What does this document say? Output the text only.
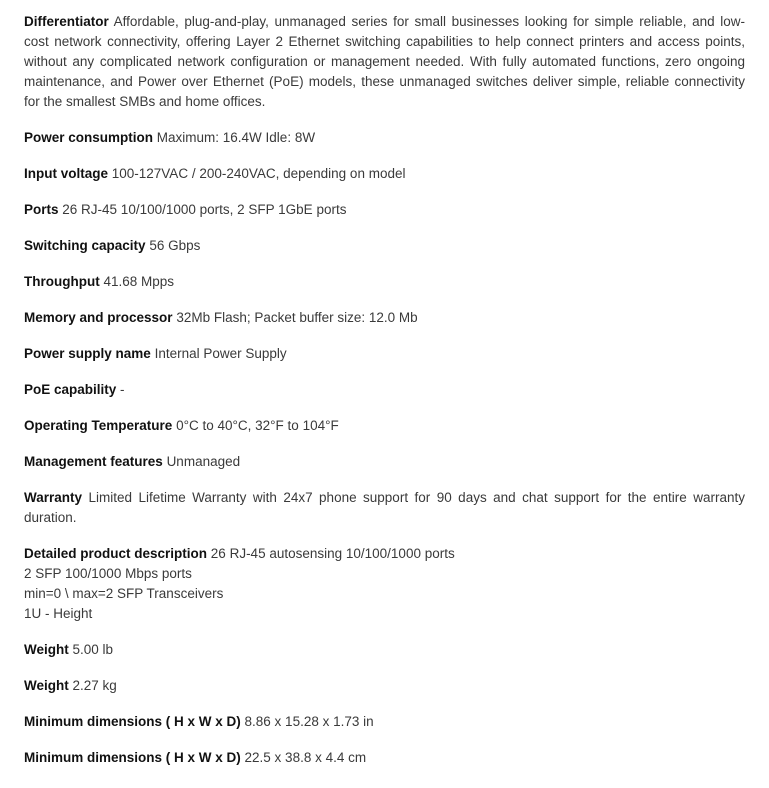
Differentiator Affordable, plug-and-play, unmanaged series for small businesses looking for simple reliable, and low-cost network connectivity, offering Layer 2 Ethernet switching capabilities to help connect printers and access points, without any complicated network configuration or management needed. With fully automated functions, zero ongoing maintenance, and Power over Ethernet (PoE) models, these unmanaged switches deliver simple, reliable connectivity for the smallest SMBs and home offices.
Power consumption Maximum: 16.4W Idle: 8W
Input voltage 100-127VAC / 200-240VAC, depending on model
Ports 26 RJ-45 10/100/1000 ports, 2 SFP 1GbE ports
Switching capacity 56 Gbps
Throughput 41.68 Mpps
Memory and processor 32Mb Flash; Packet buffer size: 12.0 Mb
Power supply name Internal Power Supply
PoE capability -
Operating Temperature 0°C to 40°C, 32°F to 104°F
Management features Unmanaged
Warranty Limited Lifetime Warranty with 24x7 phone support for 90 days and chat support for the entire warranty duration.
Detailed product description 26 RJ-45 autosensing 10/100/1000 ports
2 SFP 100/1000 Mbps ports
min=0 \ max=2 SFP Transceivers
1U - Height
Weight 5.00 lb
Weight 2.27 kg
Minimum dimensions ( H x W x D) 8.86 x 15.28 x 1.73 in
Minimum dimensions ( H x W x D) 22.5 x 38.8 x 4.4 cm
